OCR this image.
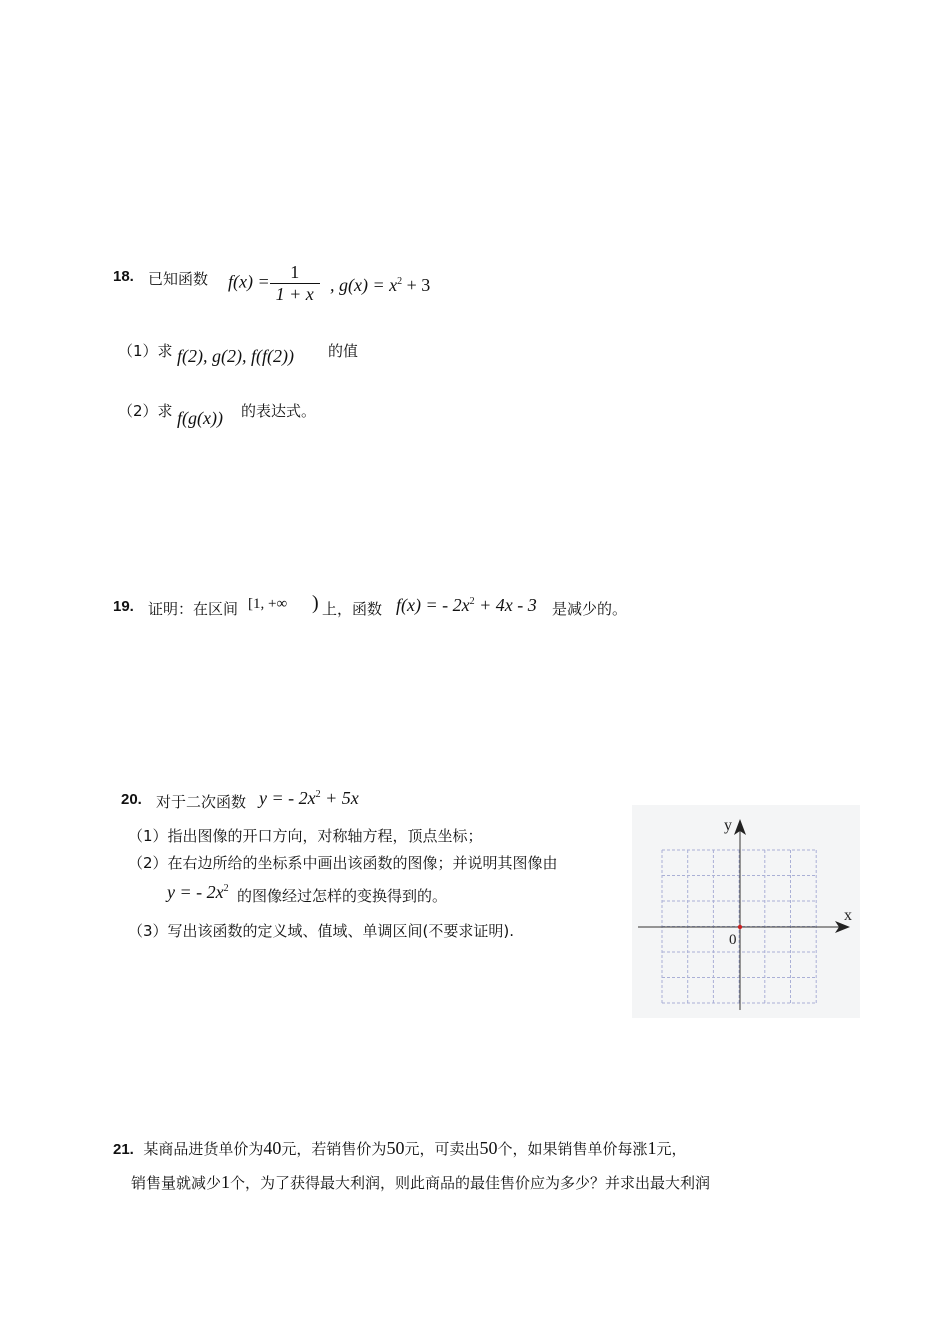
18. 已知函数 $f(x) = \frac{1}{1 + x}$ , $g(x) = x^2 + 3$
（1）求 f(2), g(2), f(f(2)) 的值
（2）求 f(g(x)) 的表达式。
19. 证明：在区间 [1, +∞ ) 上，函数 f(x) = - $2x^2 + 4x - 3$ 是减少的。
20. 对于二次函数 y = - $2x^2 + 5x$
（1）指出图像的开口方向，对称轴方程，顶点坐标；
（2）在右边所给的坐标系中画出该函数的图像；并说明其图像由
y = - $2x^2$ 的图像经过怎样的变换得到的。
（3）写出该函数的定义域、值域、单调区间(不要求证明).
x
y
0
21. 某商品进货单价为40元，若销售价为50元，可卖出50个，如果销售单价每涨1元，
销售量就减少1个，为了获得最大利润，则此商品的最佳售价应为多少？并求出最大利润
